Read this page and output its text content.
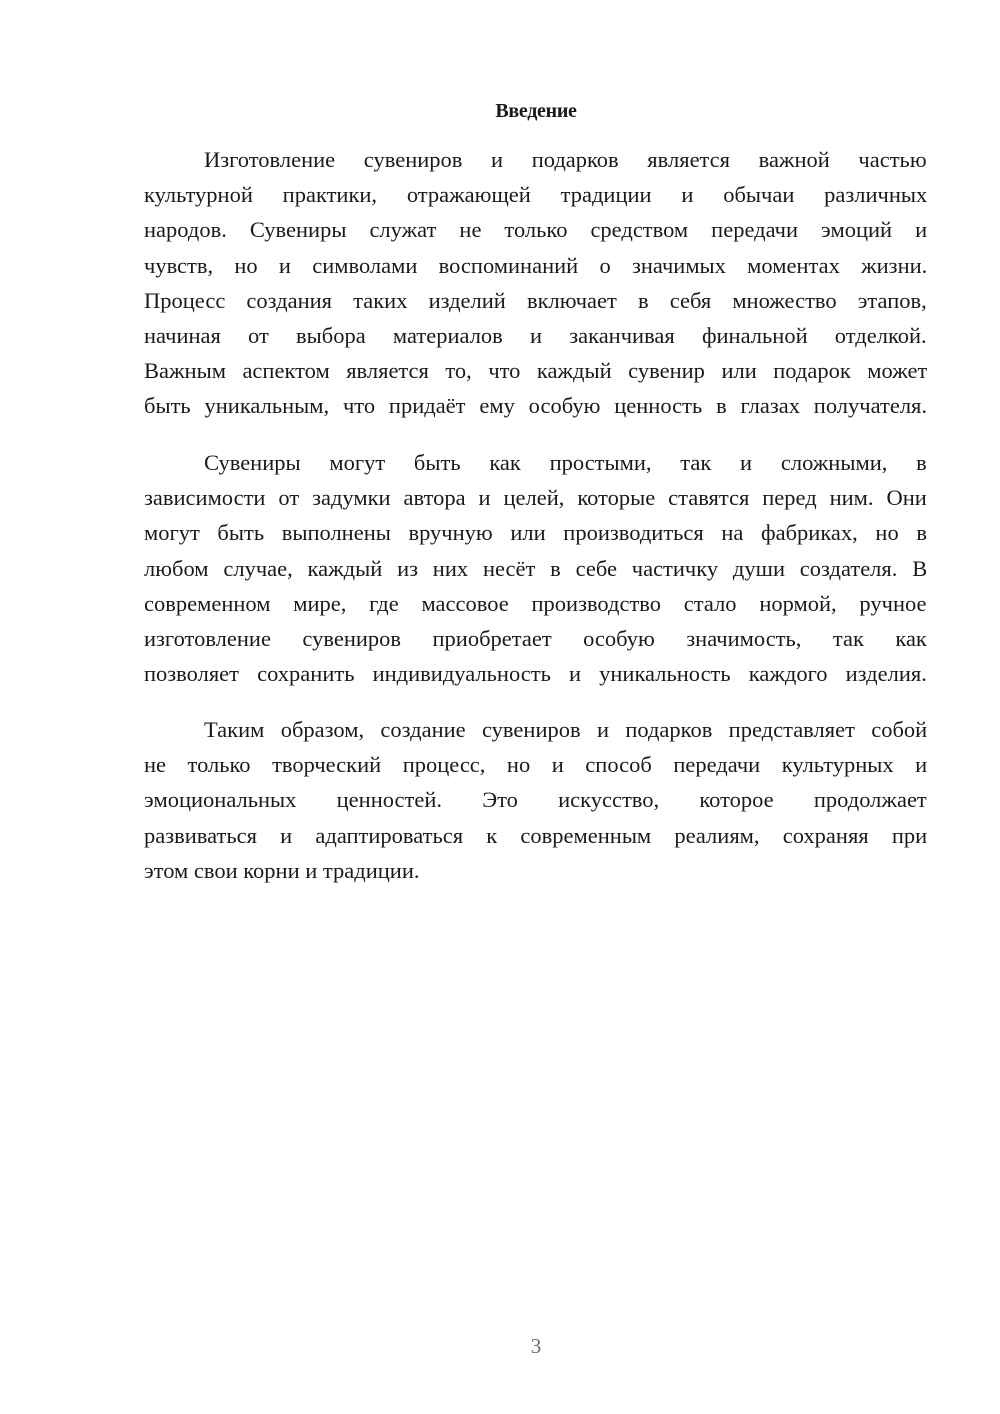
Введение
Изготовление сувениров и подарков является важной частью
культурной практики, отражающей традиции и обычаи различных
народов. Сувениры служат не только средством передачи эмоций и
чувств, но и символами воспоминаний о значимых моментах жизни.
Процесс создания таких изделий включает в себя множество этапов,
начиная от выбора материалов и заканчивая финальной отделкой.
Важным аспектом является то, что каждый сувенир или подарок может
быть уникальным, что придаёт ему особую ценность в глазах получателя.
Сувениры могут быть как простыми, так и сложными, в
зависимости от задумки автора и целей, которые ставятся перед ним. Они
могут быть выполнены вручную или производиться на фабриках, но в
любом случае, каждый из них несёт в себе частичку души создателя. В
современном мире, где массовое производство стало нормой, ручное
изготовление сувениров приобретает особую значимость, так как
позволяет сохранить индивидуальность и уникальность каждого изделия.
Таким образом, создание сувениров и подарков представляет собой
не только творческий процесс, но и способ передачи культурных и
эмоциональных ценностей. Это искусство, которое продолжает
развиваться и адаптироваться к современным реалиям, сохраняя при
этом свои корни и традиции.
3
